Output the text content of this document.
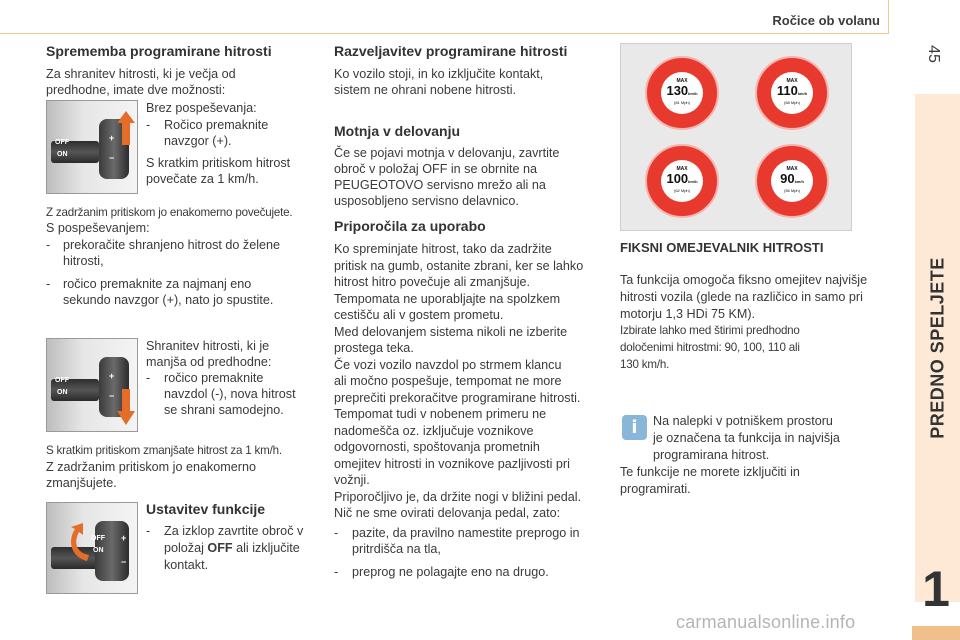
Ročice ob volanu
45
PREDNO SPELJETE
1
Sprememba programirane hitrosti
Za shranitev hitrosti, ki je večja od
predhodne, imate dve možnosti:
OFF
ON
+
−
Brez pospeševanja:
- Ročico premaknite
navzgor (+).
S kratkim pritiskom hitrost
povečate za 1 km/h.
Z zadržanim pritiskom jo enakomerno povečujete.
S pospeševanjem:
- prekoračite shranjeno hitrost do želene
hitrosti,
- ročico premaknite za najmanj eno
sekundo navzgor (+), nato jo spustite.
OFF
ON
+
−
Shranitev hitrosti, ki je
manjša od predhodne:
- ročico premaknite
navzdol (-), nova hitrost
se shrani samodejno.
S kratkim pritiskom zmanjšate hitrost za 1 km/h.
Z zadržanim pritiskom jo enakomerno
zmanjšujete.
OFF
ON
+
−
Ustavitev funkcije
- Za izklop zavrtite obroč v
položaj OFF ali izključite
kontakt.
Razveljavitev programirane hitrosti
Ko vozilo stoji, in ko izključite kontakt,
sistem ne ohrani nobene hitrosti.
Motnja v delovanju
Če se pojavi motnja v delovanju, zavrtite
obroč v položaj OFF in se obrnite na
PEUGEOTOVO servisno mrežo ali na
usposobljeno servisno delavnico.
Priporočila za uporabo
Ko spreminjate hitrost, tako da zadržite
pritisk na gumb, ostanite zbrani, ker se lahko
hitrost hitro povečuje ali zmanjšuje.
Tempomata ne uporabljajte na spolzkem
cestišču ali v gostem prometu.
Med delovanjem sistema nikoli ne izberite
prostega teka.
Če vozi vozilo navzdol po strmem klancu
ali močno pospešuje, tempomat ne more
preprečiti prekoračitve programirane hitrosti.
Tempomat tudi v nobenem primeru ne
nadomešča oz. izključuje voznikove
odgovornosti, spoštovanja prometnih
omejitev hitrosti in voznikove pazljivosti pri
vožnji.
Priporočljivo je, da držite nogi v bližini pedal.
Nič ne sme ovirati delovanja pedal, zato:
- pazite, da pravilno namestite preprogo in
pritrdišča na tla,
- preprog ne polagajte eno na drugo.
MAX
130km/h
(81 Mph)
MAX
110km/h
(68 Mph)
MAX
100km/h
(62 Mph)
MAX
90km/h
(56 Mph)
FIKSNI OMEJEVALNIK HITROSTI
Ta funkcija omogoča fiksno omejitev najvišje
hitrosti vozila (glede na različico in samo pri
motorju 1,3 HDi 75 KM).
Izbirate lahko med štirimi predhodno
določenimi hitrostmi: 90, 100, 110 ali
130 km/h.
i	Na nalepki v potniškem prostoru
je označena ta funkcija in najvišja
programirana hitrost.
Te funkcije ne morete izključiti in
programirati.
carmanualsonline.info
